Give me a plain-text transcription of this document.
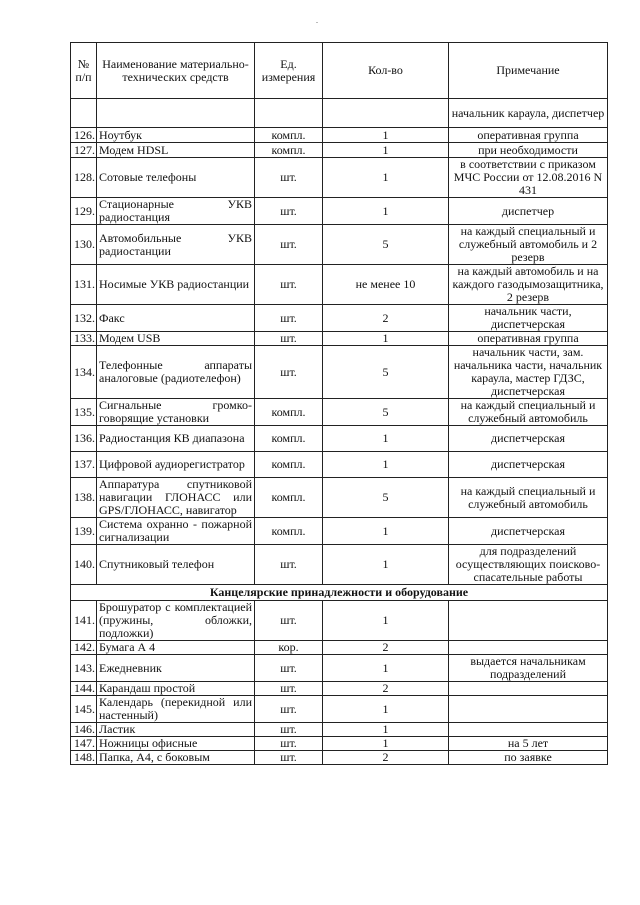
№ п/п	Наименование материально-технических средств	Ед. измерения	Кол-во	Примечание
				начальник караула, диспетчер
126.	Ноутбук	компл.	1	оперативная группа
127.	Модем HDSL	компл.	1	при необходимости
128.	Сотовые телефоны	шт.	1	в соответствии с приказом МЧС России от 12.08.2016 N 431
129.	Стационарные УКВ радиостанция	шт.	1	диспетчер
130.	Автомобильные УКВ радиостанции	шт.	5	на каждый специальный и служебный автомобиль и 2 резерв
131.	Носимые УКВ радиостанции	шт.	не менее 10	на каждый автомобиль и на каждого газодымозащитника, 2 резерв
132.	Факс	шт.	2	начальник части, диспетчерская
133.	Модем USB	шт.	1	оперативная группа
134.	Телефонные аппараты аналоговые (радиотелефон)	шт.	5	начальник части, зам. начальника части, начальник караула, мастер ГДЗС, диспетчерская
135.	Сигнальные громко-говорящие установки	компл.	5	на каждый специальный и служебный автомобиль
136.	Радиостанция КВ диапазона	компл.	1	диспетчерская
137.	Цифровой аудиорегистратор	компл.	1	диспетчерская
138.	Аппаратура спутниковой навигации ГЛОНАСС или GPS/ГЛОНАСС, навигатор	компл.	5	на каждый специальный и служебный автомобиль
139.	Система охранно - пожарной сигнализации	компл.	1	диспетчерская
140.	Спутниковый телефон	шт.	1	для подразделений осуществляющих поисково-спасательные работы
Канцелярские принадлежности и оборудование				
141.	Брошуратор с комплектацией (пружины, обложки, подложки)	шт.	1	
142.	Бумага А 4	кор.	2	
143.	Ежедневник	шт.	1	выдается начальникам подразделений
144.	Карандаш простой	шт.	2	
145.	Календарь (перекидной или настенный)	шт.	1	
146.	Ластик	шт.	1	
147.	Ножницы офисные	шт.	1	на 5 лет
148.	Папка, А4, с боковым	шт.	2	по заявке
